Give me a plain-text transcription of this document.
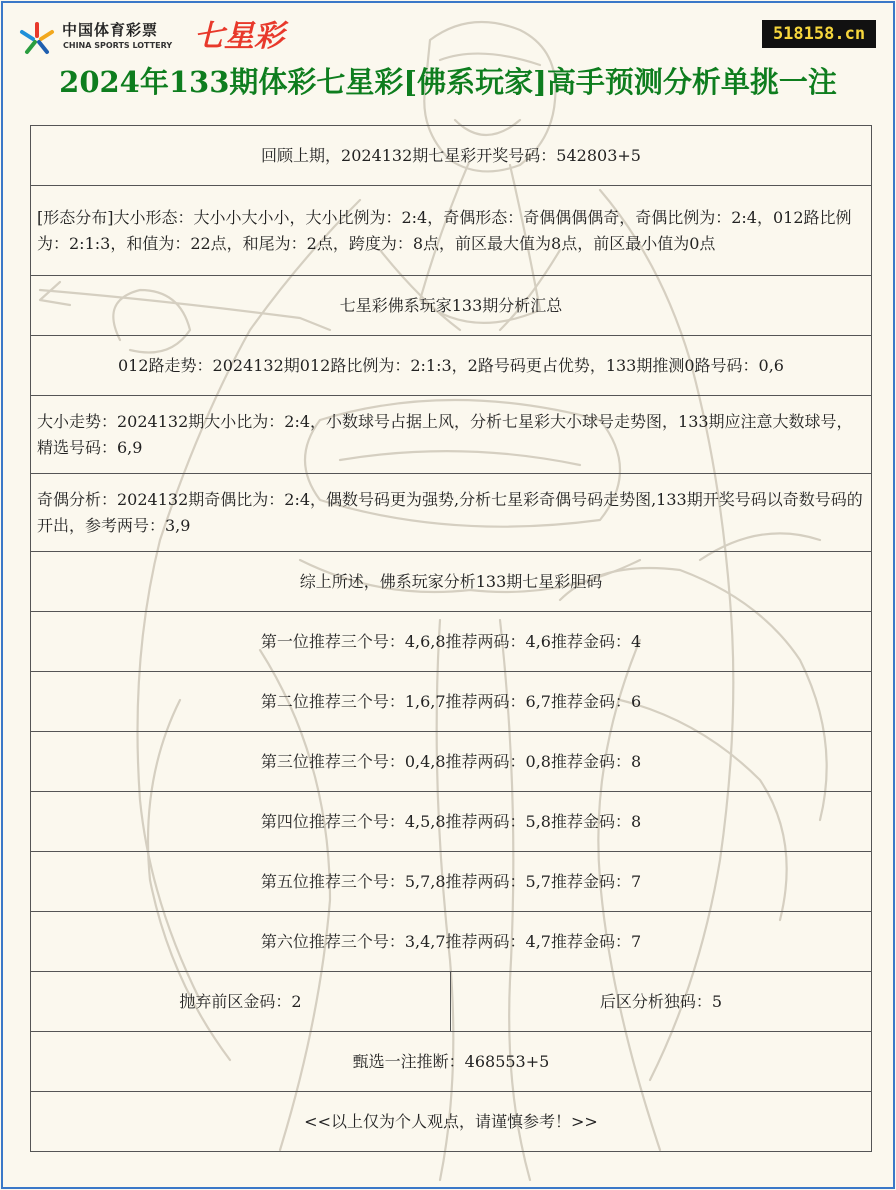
中国体育彩票
CHINA SPORTS LOTTERY 七星彩	518158.cn
2024年133期体彩七星彩[佛系玩家]高手预测分析单挑一注
回顾上期，2024132期七星彩开奖号码：542803+5
[形态分布]大小形态：大小小大小小，大小比例为：2:4，奇偶形态：奇偶偶偶偶奇，奇偶比例为：2:4，012路比例为：2:1:3，和值为：22点，和尾为：2点，跨度为：8点，前区最大值为8点，前区最小值为0点
七星彩佛系玩家133期分析汇总
012路走势：2024132期012路比例为：2:1:3，2路号码更占优势，133期推测0路号码：0,6
大小走势：2024132期大小比为：2:4，小数球号占据上风，分析七星彩大小球号走势图，133期应注意大数球号，精选号码：6,9
奇偶分析：2024132期奇偶比为：2:4，偶数号码更为强势,分析七星彩奇偶号码走势图,133期开奖号码以奇数号码的开出，参考两号：3,9
综上所述，佛系玩家分析133期七星彩胆码
第一位推荐三个号：4,6,8推荐两码：4,6推荐金码：4
第二位推荐三个号：1,6,7推荐两码：6,7推荐金码：6
第三位推荐三个号：0,4,8推荐两码：0,8推荐金码：8
第四位推荐三个号：4,5,8推荐两码：5,8推荐金码：8
第五位推荐三个号：5,7,8推荐两码：5,7推荐金码：7
第六位推荐三个号：3,4,7推荐两码：4,7推荐金码：7
抛弃前区金码：2	后区分析独码：5
甄选一注推断：468553+5
<<以上仅为个人观点，请谨慎参考！>>
